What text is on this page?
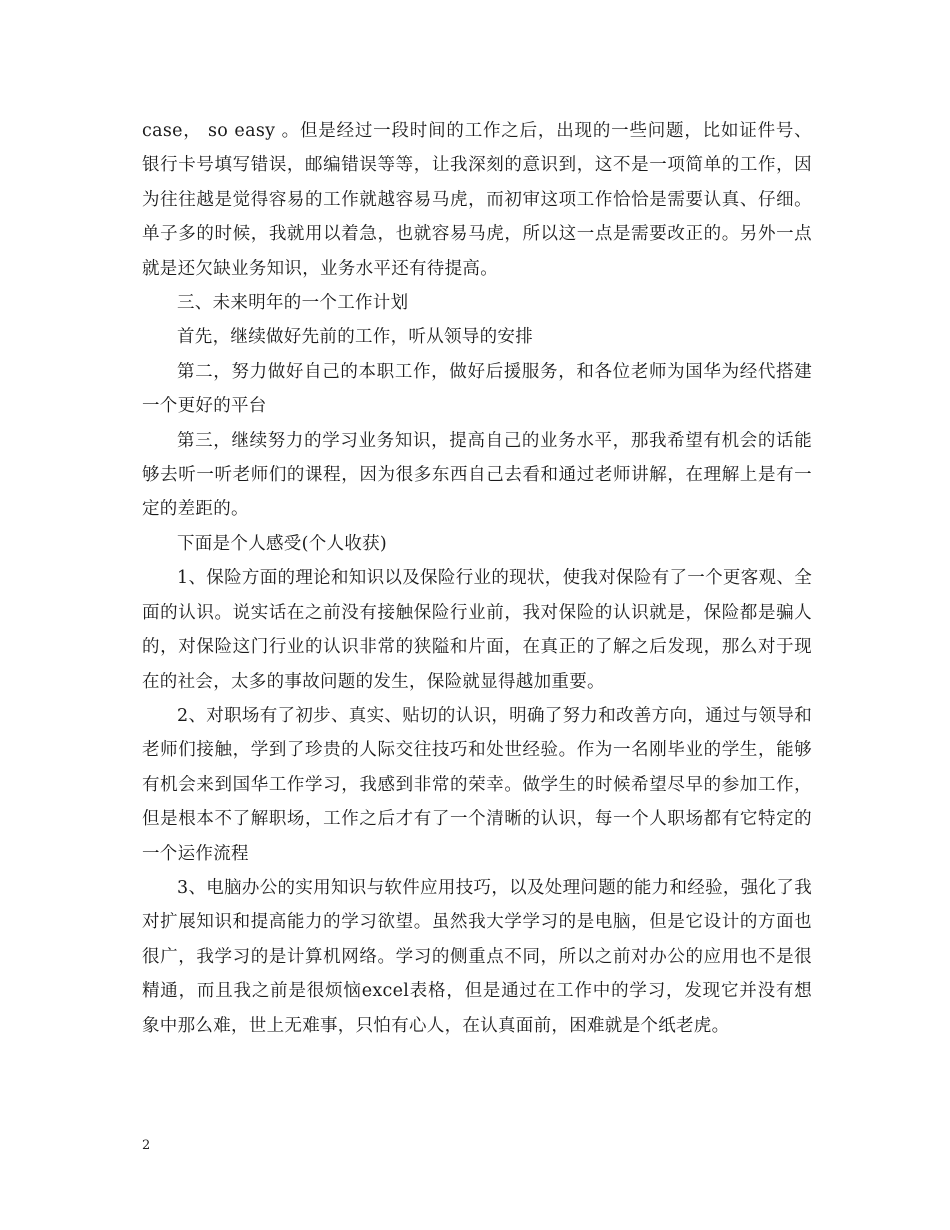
case， so easy 。但是经过一段时间的工作之后，出现的一些问题，比如证件号、银行卡号填写错误，邮编错误等等，让我深刻的意识到，这不是一项简单的工作，因为往往越是觉得容易的工作就越容易马虎，而初审这项工作恰恰是需要认真、仔细。单子多的时候，我就用以着急，也就容易马虎，所以这一点是需要改正的。另外一点就是还欠缺业务知识，业务水平还有待提高。

三、未来明年的一个工作计划

首先，继续做好先前的工作，听从领导的安排

第二，努力做好自己的本职工作，做好后援服务，和各位老师为国华为经代搭建一个更好的平台

第三，继续努力的学习业务知识，提高自己的业务水平，那我希望有机会的话能够去听一听老师们的课程，因为很多东西自己去看和通过老师讲解，在理解上是有一定的差距的。

下面是个人感受(个人收获)

1、保险方面的理论和知识以及保险行业的现状，使我对保险有了一个更客观、全面的认识。说实话在之前没有接触保险行业前，我对保险的认识就是，保险都是骗人的，对保险这门行业的认识非常的狭隘和片面，在真正的了解之后发现，那么对于现在的社会，太多的事故问题的发生，保险就显得越加重要。

2、对职场有了初步、真实、贴切的认识，明确了努力和改善方向，通过与领导和老师们接触，学到了珍贵的人际交往技巧和处世经验。作为一名刚毕业的学生，能够有机会来到国华工作学习，我感到非常的荣幸。做学生的时候希望尽早的参加工作，但是根本不了解职场，工作之后才有了一个清晰的认识，每一个人职场都有它特定的一个运作流程

3、电脑办公的实用知识与软件应用技巧，以及处理问题的能力和经验，强化了我对扩展知识和提高能力的学习欲望。虽然我大学学习的是电脑，但是它设计的方面也很广，我学习的是计算机网络。学习的侧重点不同，所以之前对办公的应用也不是很精通，而且我之前是很烦恼excel表格，但是通过在工作中的学习，发现它并没有想象中那么难，世上无难事，只怕有心人，在认真面前，困难就是个纸老虎。

2
